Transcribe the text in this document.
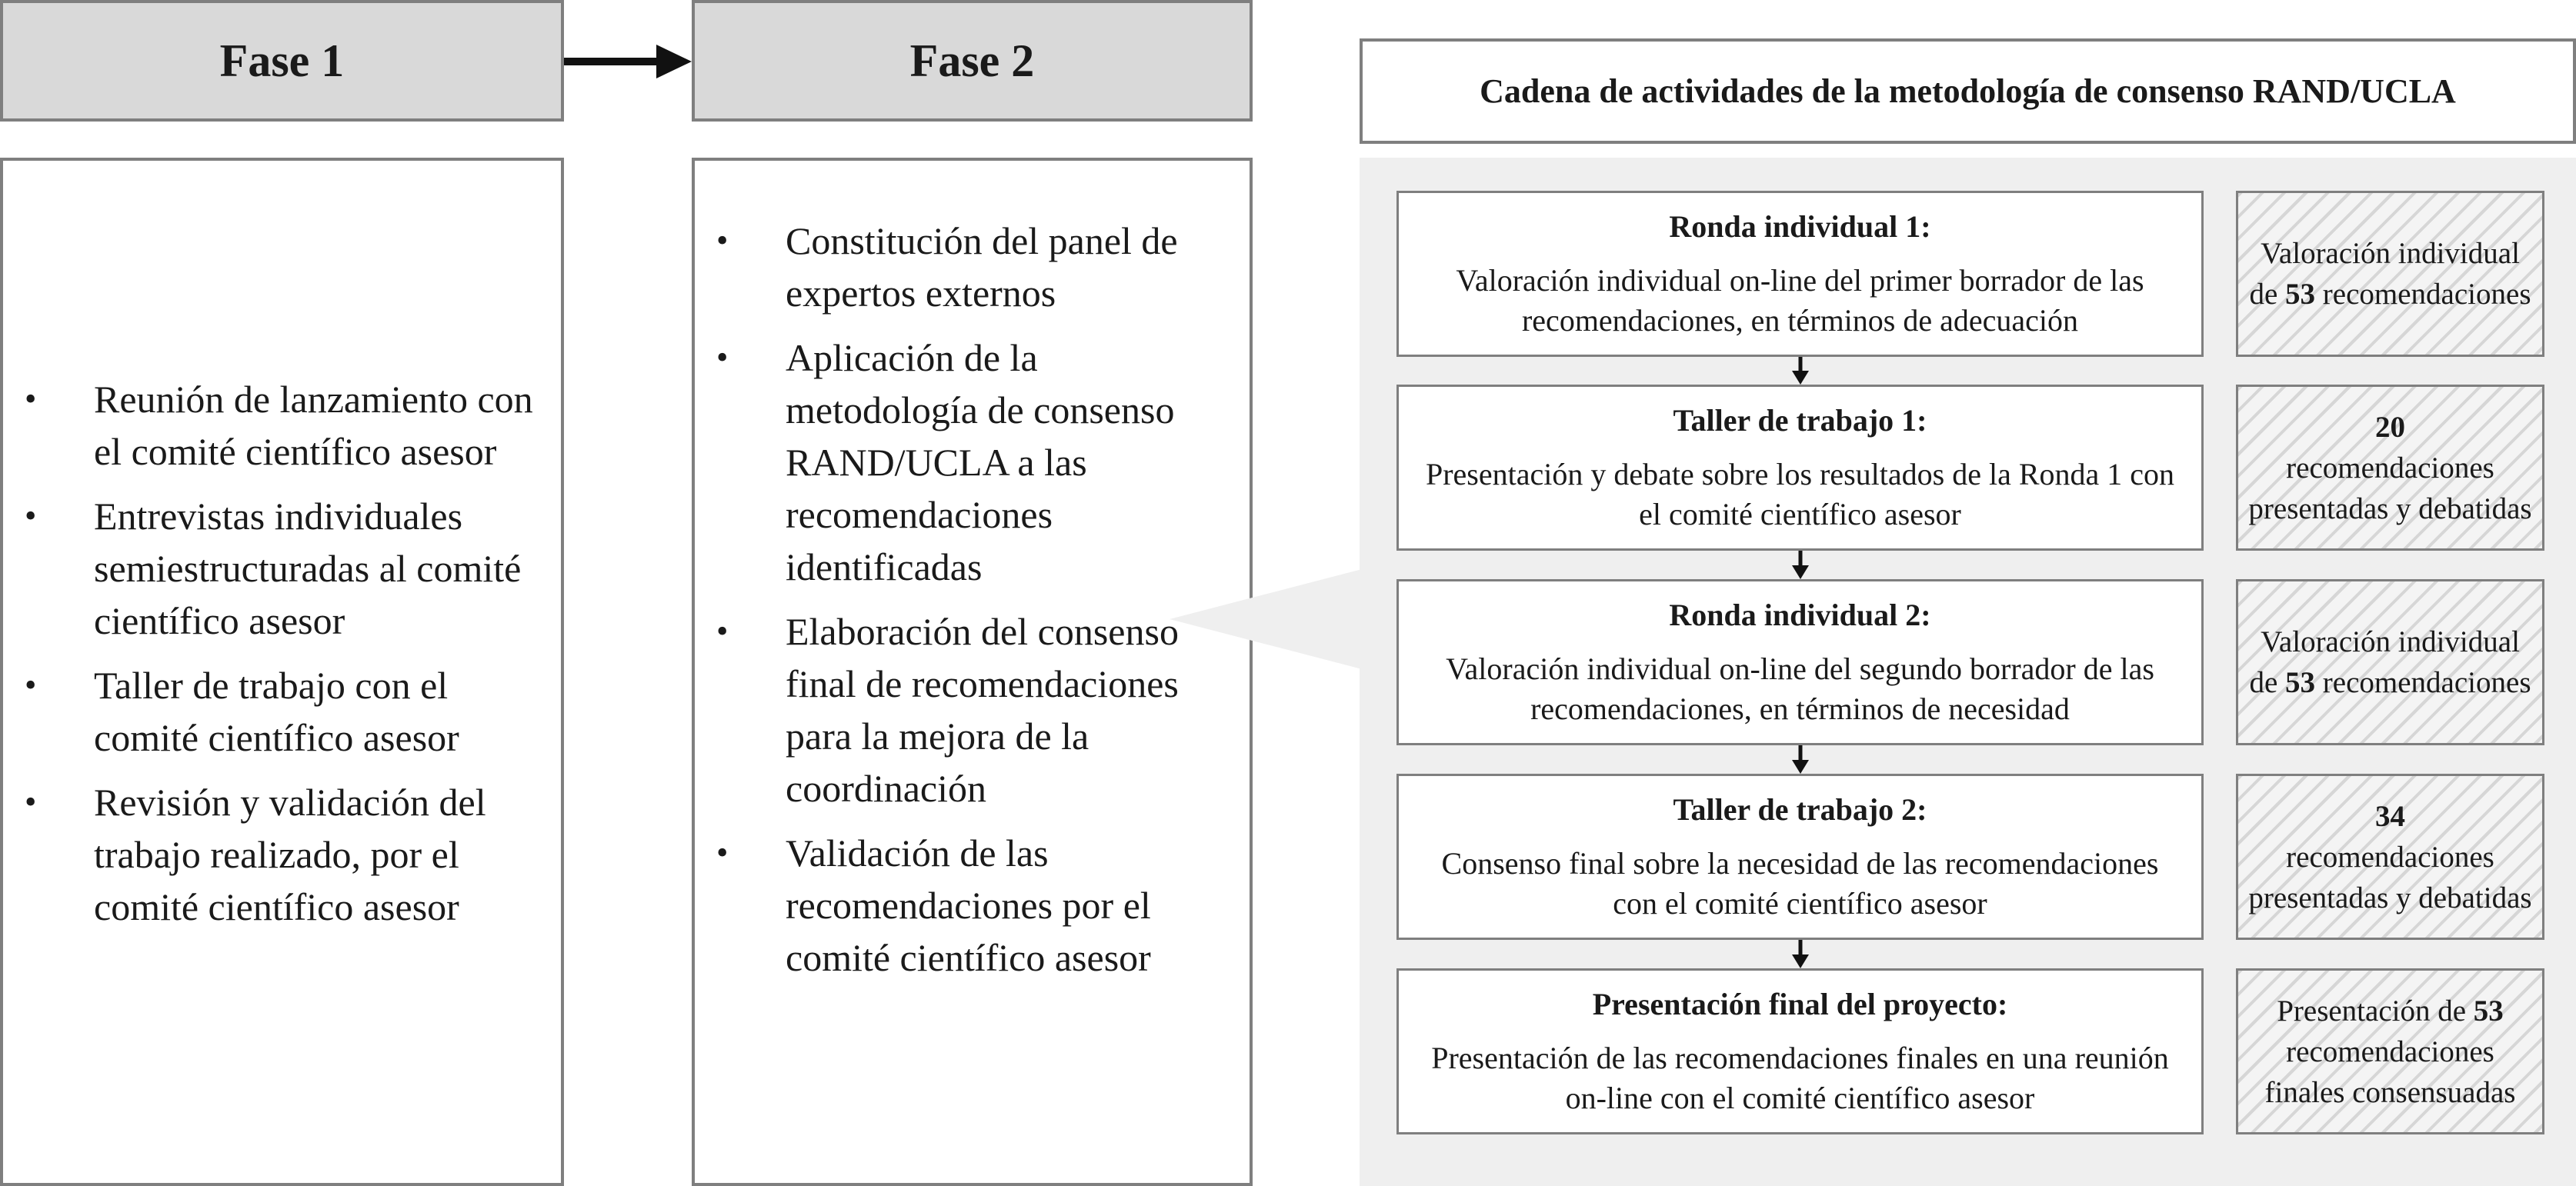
Fase 1	Fase 2
• Reunión de lanzamiento con el comité científico asesor
• Entrevistas individuales semiestructuradas al comité científico asesor
• Taller de trabajo con el comité científico asesor
• Revisión y validación del trabajo realizado, por el comité científico asesor
• Constitución del panel de expertos externos
• Aplicación de la metodología de consenso RAND/UCLA a las recomendaciones identificadas
• Elaboración del consenso final de recomendaciones para la mejora de la coordinación
• Validación de las recomendaciones por el comité científico asesor
Cadena de actividades de la metodología de consenso RAND/UCLA
Ronda individual 1:
Valoración individual on-line del primer borrador de las recomendaciones, en términos de adecuación
Taller de trabajo 1:
Presentación y debate sobre los resultados de la Ronda 1 con el comité científico asesor
Ronda individual 2:
Valoración individual on-line del segundo borrador de las recomendaciones, en términos de necesidad
Taller de trabajo 2:
Consenso final sobre la necesidad de las recomendaciones con el comité científico asesor
Presentación final del proyecto:
Presentación de las recomendaciones finales en una reunión on-line con el comité científico asesor
Valoración individual de 53 recomendaciones
20
recomendaciones presentadas y debatidas
Valoración individual de 53 recomendaciones
34
recomendaciones presentadas y debatidas
Presentación de 53 recomendaciones finales consensuadas
